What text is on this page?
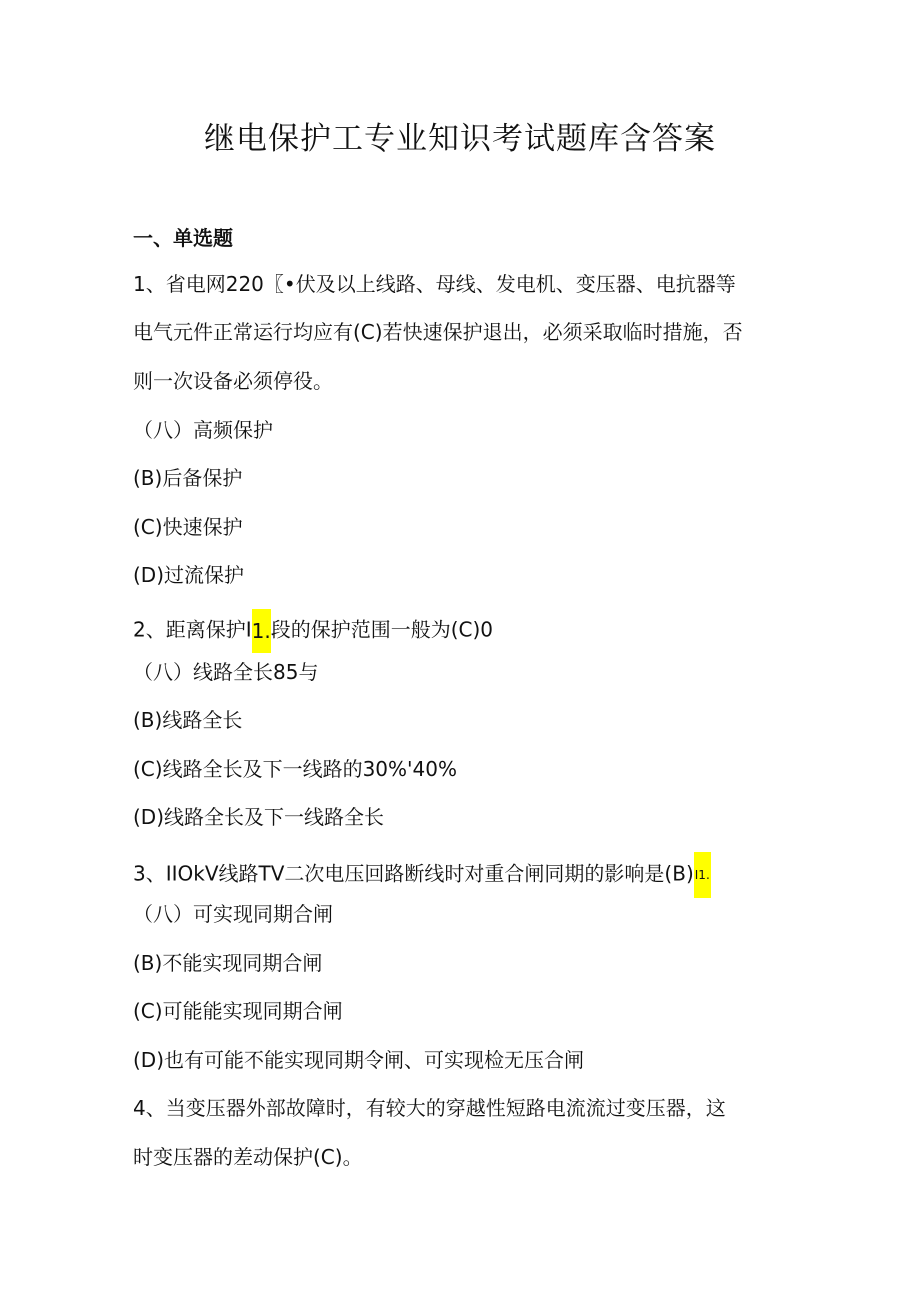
继电保护工专业知识考试题库含答案
一、单选题
1、省电网220〖•伏及以上线路、母线、发电机、变压器、电抗器等
电气元件正常运行均应有(C)若快速保护退出，必须采取临时措施，否
则一次设备必须停役。
（八）高频保护
(B)后备保护
(C)快速保护
(D)过流保护
2、距离保护I1.段的保护范围一般为(C)0
（八）线路全长85与
(B)线路全长
(C)线路全长及下一线路的30%'40%
(D)线路全长及下一线路全长
3、IIOkV线路TV二次电压回路断线时对重合闸同期的影响是(B)I1.
（八）可实现同期合闸
(B)不能实现同期合闸
(C)可能能实现同期合闸
(D)也有可能不能实现同期令闸、可实现检无压合闸
4、当变压器外部故障时，有较大的穿越性短路电流流过变压器，这
时变压器的差动保护(C)。
